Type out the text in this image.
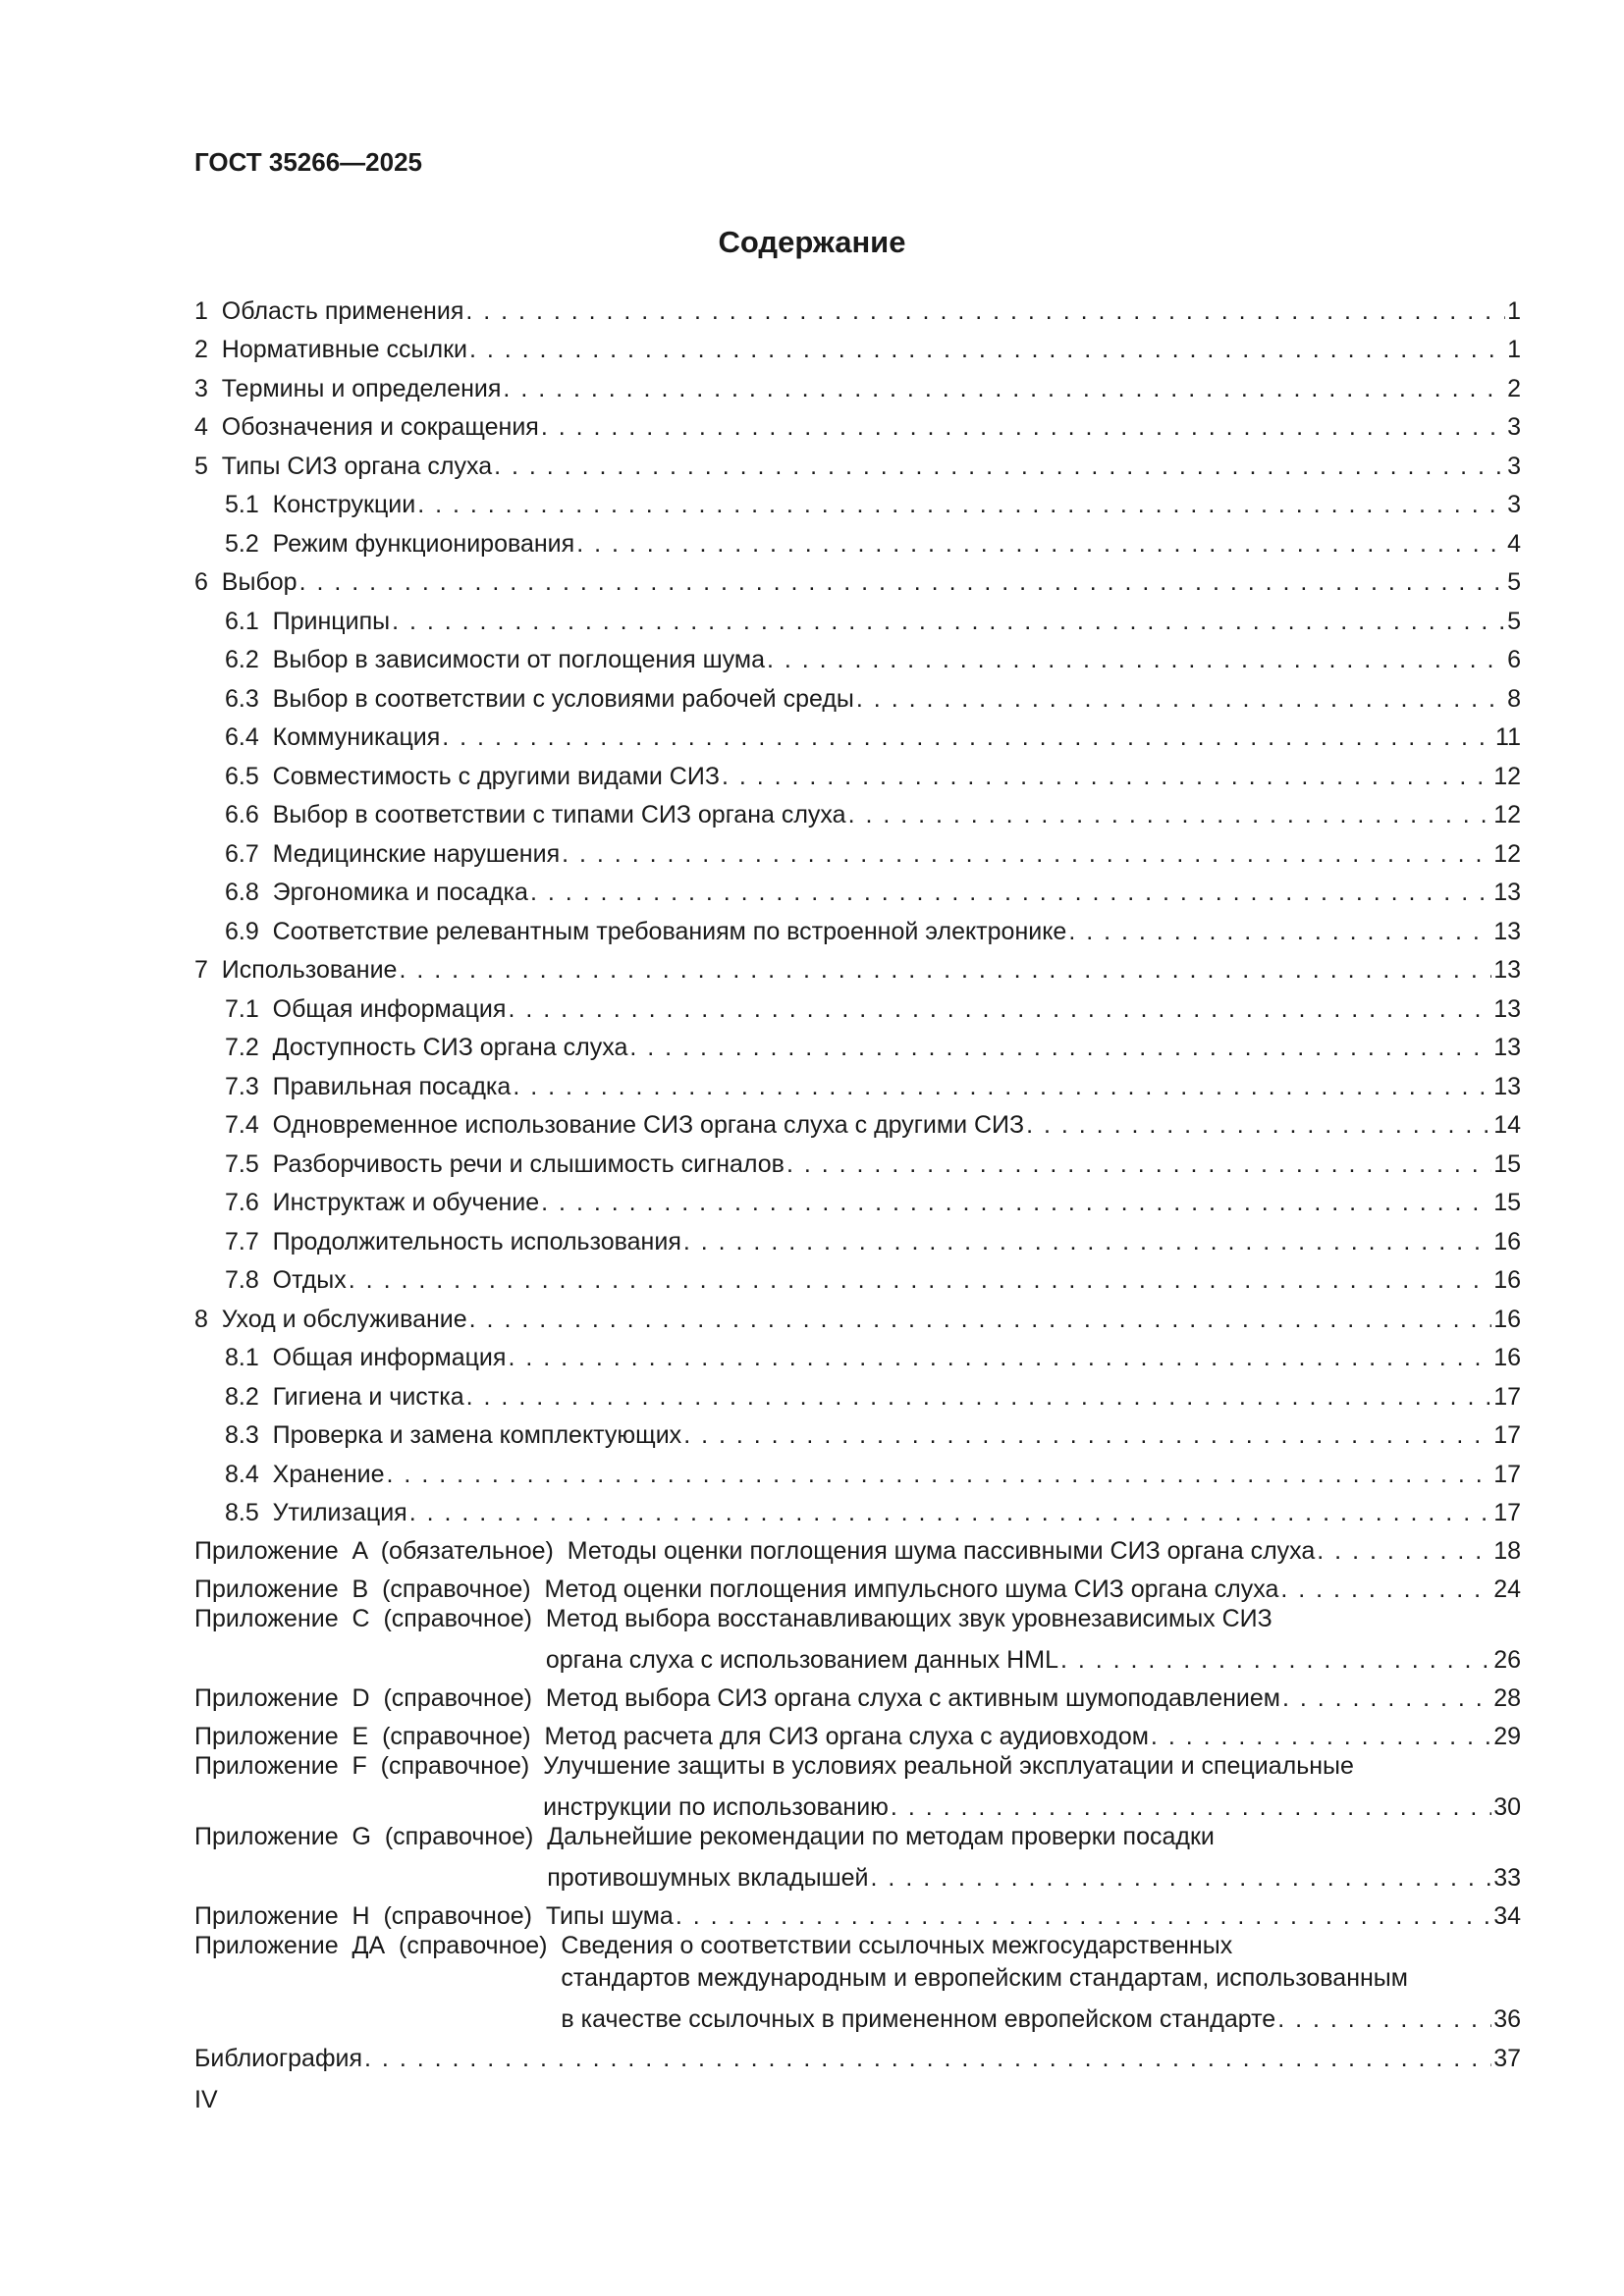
ГОСТ 35266—2025
Содержание
1 Область применения . . .	1
2 Нормативные ссылки . . .	1
3 Термины и определения . . .	2
4 Обозначения и сокращения . . .	3
5 Типы СИЗ органа слуха . . .	3
5.1 Конструкции . . .	3
5.2 Режим функционирования . . .	4
6 Выбор . . .	5
6.1 Принципы . . .	5
6.2 Выбор в зависимости от поглощения шума . . .	6
6.3 Выбор в соответствии с условиями рабочей среды . . .	8
6.4 Коммуникация . . .	11
6.5 Совместимость с другими видами СИЗ . . .	12
6.6 Выбор в соответствии с типами СИЗ органа слуха . . .	12
6.7 Медицинские нарушения . . .	12
6.8 Эргономика и посадка . . .	13
6.9 Соответствие релевантным требованиям по встроенной электронике . . .	13
7 Использование . . .	13
7.1 Общая информация . . .	13
7.2 Доступность СИЗ органа слуха . . .	13
7.3 Правильная посадка . . .	13
7.4 Одновременное использование СИЗ органа слуха с другими СИЗ . . .	14
7.5 Разборчивость речи и слышимость сигналов . . .	15
7.6 Инструктаж и обучение . . .	15
7.7 Продолжительность использования . . .	16
7.8 Отдых . . .	16
8 Уход и обслуживание . . .	16
8.1 Общая информация . . .	16
8.2 Гигиена и чистка . . .	17
8.3 Проверка и замена комплектующих . . .	17
8.4 Хранение . . .	17
8.5 Утилизация . . .	17
Приложение  A  (обязательное) Методы оценки поглощения шума пассивными СИЗ органа слуха . . .	18
Приложение  B  (справочное) Метод оценки поглощения импульсного шума СИЗ органа слуха . . .	24
Приложение  C  (справочное) Метод выбора восстанавливающих звук уровнезависимых СИЗ
органа слуха с использованием данных HML . . .	26
Приложение  D  (справочное) Метод выбора СИЗ органа слуха с активным шумоподавлением . . .	28
Приложение  E  (справочное) Метод расчета для СИЗ органа слуха с аудиовходом . . .	29
Приложение  F  (справочное) Улучшение защиты в условиях реальной эксплуатации и специальные
инструкции по использованию . . .	30
Приложение  G  (справочное) Дальнейшие рекомендации по методам проверки посадки
противошумных вкладышей . . .	33
Приложение  H  (справочное) Типы шума . . .	34
Приложение  ДА  (справочное) Сведения о соответствии ссылочных межгосударственных
стандартов международным и европейским стандартам, использованным
в качестве ссылочных в примененном европейском стандарте . . .	36
Библиография . . .	37
IV
